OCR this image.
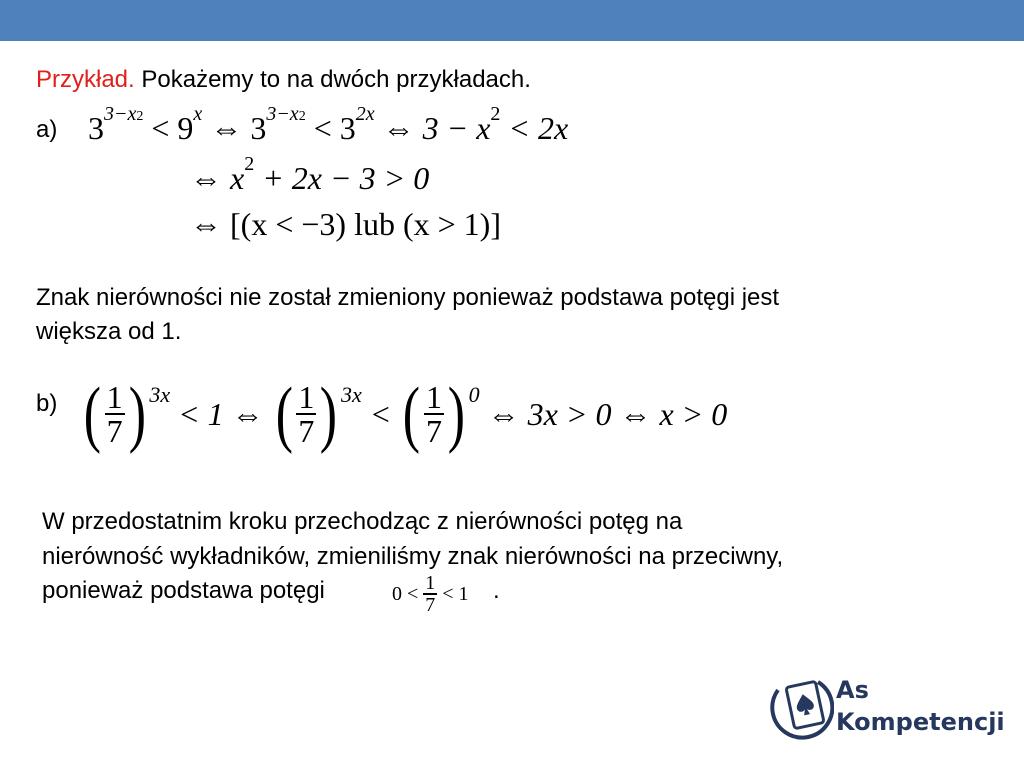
Przykład. Pokażemy to na dwóch przykładach.
a) $3^{3-x2} < 9^x$ ⇔ $3^{3-x2} < 3^{2x}$ ⇔ $3 - x^2 < 2x$
⇔ $x^2 + 2x - 3 > 0$
⇔ [(x < −3) lub (x > 1)]
Znak nierówności nie został zmieniony ponieważ podstawa potęgi jest
większa od 1.
b) ( $\frac{1}{7}$ ) 3x
< 1 ⇔ ( $\frac{1}{7}$ ) 3x
< ( $\frac{1}{7}$ ) 0
⇔ 3x > 0 ⇔ x > 0
W przedostatnim kroku przechodząc z nierówności potęg na
nierówność wykładników, zmieniliśmy znak nierówności na przeciwny,
ponieważ podstawa potęgi	0 <
$\frac{1}{7}$
< 1 .
As
Kompetencji
